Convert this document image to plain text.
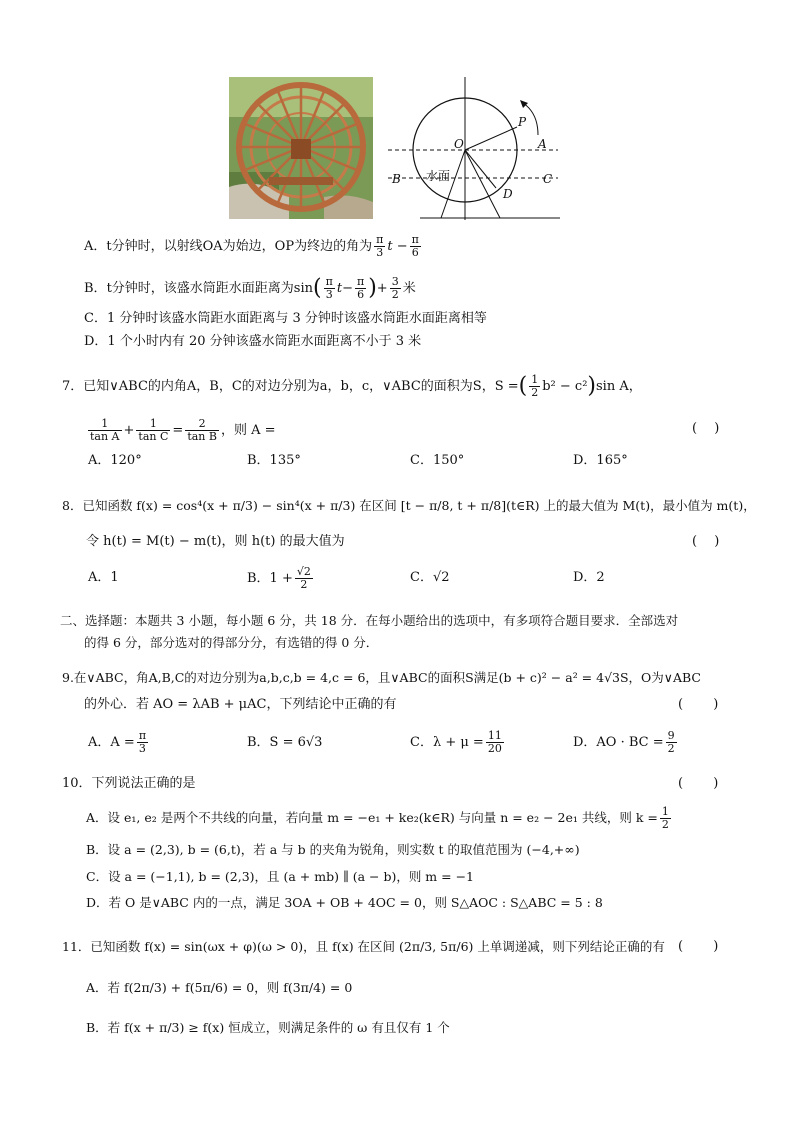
O
P
A
B	C
D
水面
A．t分钟时，以射线OA为始边，OP为终边的角为 $\frac{\pi}{3}$ $t - \frac{\pi}{6}$
B．t分钟时，该盛水筒距水面距离为$\sin( \frac{\pi}{3} t- \frac{\pi}{6}$ )+ $\frac{3}{2}$ 米
C．1 分钟时该盛水筒距水面距离与 3 分钟时该盛水筒距水面距离相等
D．1 个小时内有 20 分钟该盛水筒距水面距离不小于 3 米
7．已知∨ABC的内角A，B，C的对边分别为a，b，c，∨ABC的面积为S，S =( $\frac{1}{2} b^2 - c^2)\sin$ A，
$\frac{1}{\text{tan A}} + \frac{1}{\text{tan C}} = \frac{2}{\text{tan B}}$ ，则 A =	(　 )
A．120°	B．135°	C．150°	D．165°
8．已知函数 f(x) = cos⁴(x + π/3) − sin⁴(x + π/3) 在区间 [t − π/8, t + π/8](t∈R) 上的最大值为 M(t)，最小值为 m(t)，
令 h(t) = M(t) − m(t)，则 h(t) 的最大值为	(　 )
A．1	B．$1 + \frac{√2}{2}$	C．√2	D．2
二、选择题：本题共 3 小题，每小题 6 分，共 18 分．在每小题给出的选项中，有多项符合题目要求．全部选对
的得 6 分，部分选对的得部分分，有选错的得 0 分．
9.在∨ABC，角A,B,C的对边分别为a,b,c,b = 4,c = 6，且∨ABC的面积S满足(b + c)² − a² = 4√3S，O为∨ABC
的外心．若 AO = λAB + μAC，下列结论中正确的有	(　　 )
A．$A = \frac{\pi}{3}$	B．S = 6√3	C．$\lambda + \mu = \frac{11}{20}$	D．AO · BC = $\frac{9}{2}$
10．下列说法正确的是	(　　 )
A．设 e₁, e₂ 是两个不共线的向量，若向量 m = −e₁ + ke₂(k∈R) 与向量 n = e₂ − 2e₁ 共线，则 $k = \frac{1}{2}$
B．设 a = (2,3), b = (6,t)，若 a 与 b 的夹角为锐角，则实数 t 的取值范围为 (−4,+∞)
C．设 a = (−1,1), b = (2,3)，且 (a + mb) ∥ (a − b)，则 m = −1
D．若 O 是∨ABC 内的一点，满足 3OA + OB + 4OC = 0，则 S△AOC : S△ABC = 5 : 8
11．已知函数 f(x) = sin(ωx + φ)(ω > 0)，且 f(x) 在区间 (2π/3, 5π/6) 上单调递减，则下列结论正确的有 (　　 )
A．若 f(2π/3) + f(5π/6) = 0，则 f(3π/4) = 0
B．若 f(x + π/3) ≥ f(x) 恒成立，则满足条件的 ω 有且仅有 1 个
